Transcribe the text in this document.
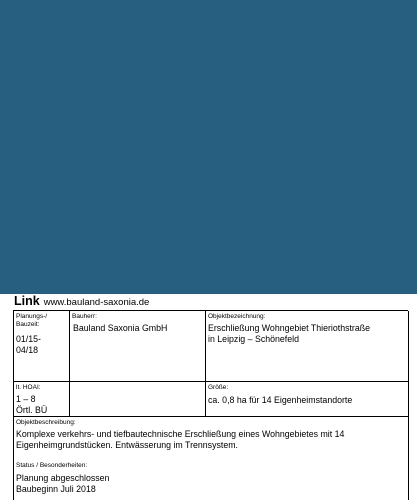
Link www.bauland-saxonia.de
Planungs-/
Bauzeit:
01/15-
04/18
Bauherr:
Bauland Saxonia GmbH
Objektbezeichnung:
Erschließung Wohngebiet Thieriothstraße
in Leipzig – Schönefeld
lt. HOAI:
1 – 8
Örtl. BÜ
Größe:
ca. 0,8 ha für 14 Eigenheimstandorte
Objektbeschreibung:
Komplexe verkehrs- und tiefbautechnische Erschließung eines Wohngebietes mit 14
Eigenheimgrundstücken. Entwässerung im Trennsystem.
Status / Besonderheiten:
Planung abgeschlossen
Baubeginn Juli 2018
